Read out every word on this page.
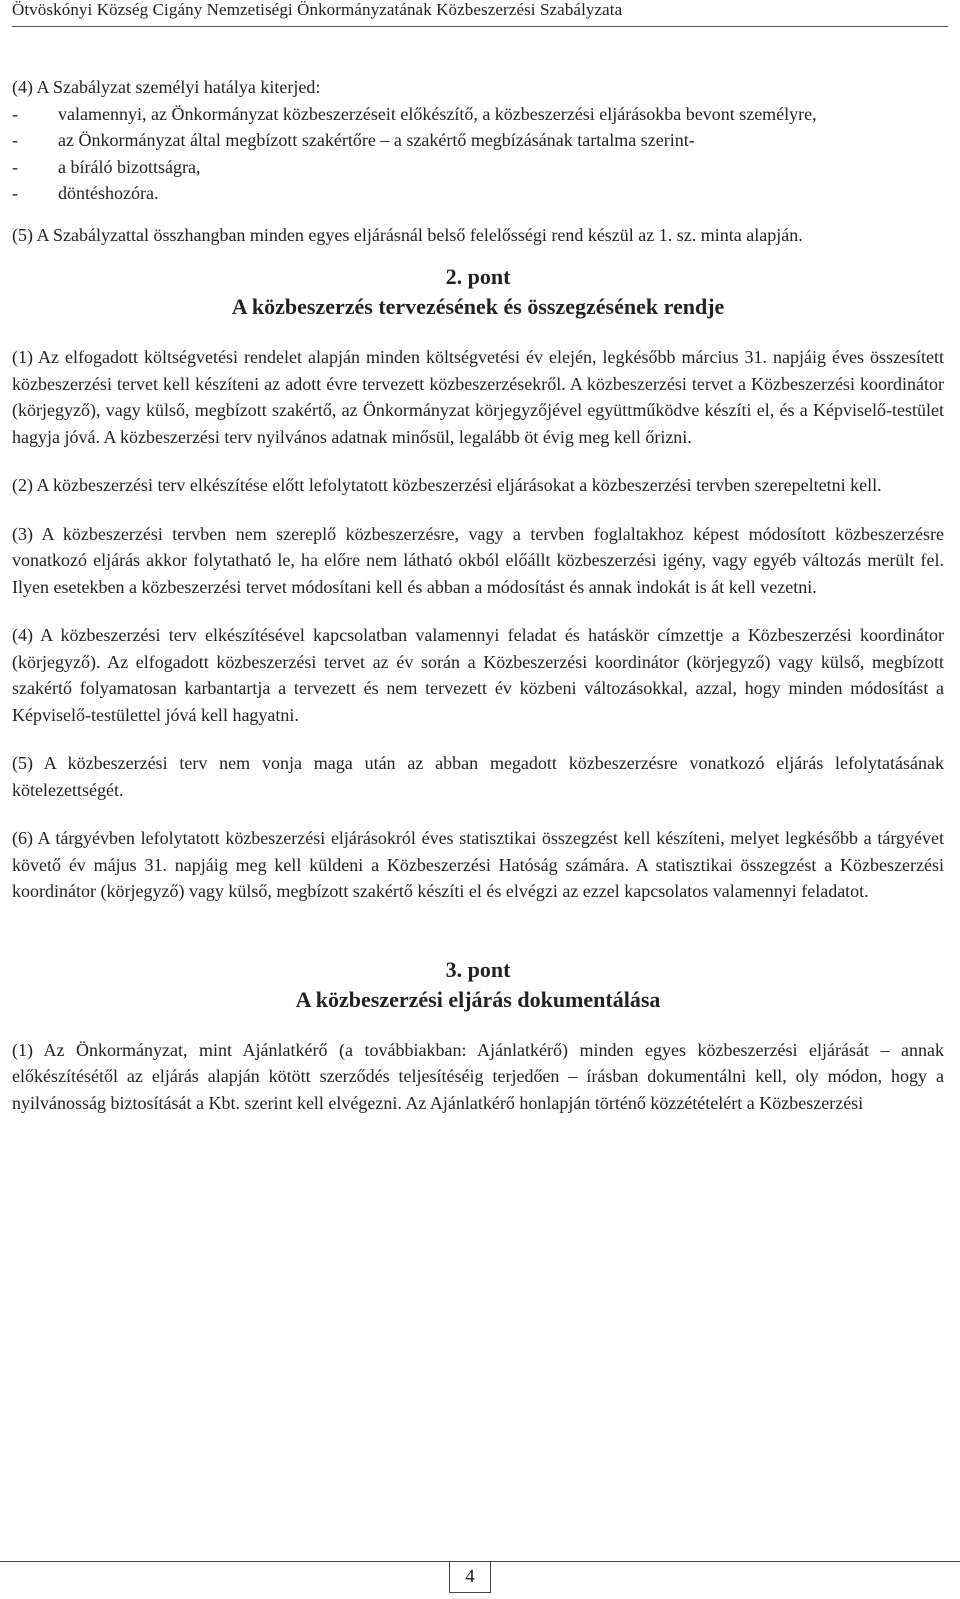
Ötvöskónyi Község Cigány Nemzetiségi Önkormányzatának Közbeszerzési Szabályzata

(4) A Szabályzat személyi hatálya kiterjed:

- valamennyi, az Önkormányzat közbeszerzéseit előkészítő, a közbeszerzési eljárásokba bevont személyre,
- az Önkormányzat által megbízott szakértőre – a szakértő megbízásának tartalma szerint-
- a bíráló bizottságra,
- döntéshozóra.

(5) A Szabályzattal összhangban minden egyes eljárásnál belső felelősségi rend készül az 1. sz. minta alapján.

2. pont
A közbeszerzés tervezésének és összegzésének rendje

(1) Az elfogadott költségvetési rendelet alapján minden költségvetési év elején, legkésőbb március 31. napjáig éves összesített közbeszerzési tervet kell készíteni az adott évre tervezett közbeszerzésekről. A közbeszerzési tervet a Közbeszerzési koordinátor (körjegyző), vagy külső, megbízott szakértő, az Önkormányzat körjegyzőjével együttműködve készíti el, és a Képviselő-testület hagyja jóvá. A közbeszerzési terv nyilvános adatnak minősül, legalább öt évig meg kell őrizni.

(2) A közbeszerzési terv elkészítése előtt lefolytatott közbeszerzési eljárásokat a közbeszerzési tervben szerepeltetni kell.

(3) A közbeszerzési tervben nem szereplő közbeszerzésre, vagy a tervben foglaltakhoz képest módosított közbeszerzésre vonatkozó eljárás akkor folytatható le, ha előre nem látható okból előállt közbeszerzési igény, vagy egyéb változás merült fel. Ilyen esetekben a közbeszerzési tervet módosítani kell és abban a módosítást és annak indokát is át kell vezetni.

(4) A közbeszerzési terv elkészítésével kapcsolatban valamennyi feladat és hatáskör címzettje a Közbeszerzési koordinátor (körjegyző). Az elfogadott közbeszerzési tervet az év során a Közbeszerzési koordinátor (körjegyző) vagy külső, megbízott szakértő folyamatosan karbantartja a tervezett és nem tervezett év közbeni változásokkal, azzal, hogy minden módosítást a Képviselő-testülettel jóvá kell hagyatni.

(5) A közbeszerzési terv nem vonja maga után az abban megadott közbeszerzésre vonatkozó eljárás lefolytatásának kötelezettségét.

(6) A tárgyévben lefolytatott közbeszerzési eljárásokról éves statisztikai összegzést kell készíteni, melyet legkésőbb a tárgyévet követő év május 31. napjáig meg kell küldeni a Közbeszerzési Hatóság számára. A statisztikai összegzést a Közbeszerzési koordinátor (körjegyző) vagy külső, megbízott szakértő készíti el és elvégzi az ezzel kapcsolatos valamennyi feladatot.

3. pont
A közbeszerzési eljárás dokumentálása

(1) Az Önkormányzat, mint Ajánlatkérő (a továbbiakban: Ajánlatkérő) minden egyes közbeszerzési eljárását – annak előkészítésétől az eljárás alapján kötött szerződés teljesítéséig terjedően – írásban dokumentálni kell, oly módon, hogy a nyilvánosság biztosítását a Kbt. szerint kell elvégezni. Az Ajánlatkérő honlapján történő közzétételért a Közbeszerzési

4
